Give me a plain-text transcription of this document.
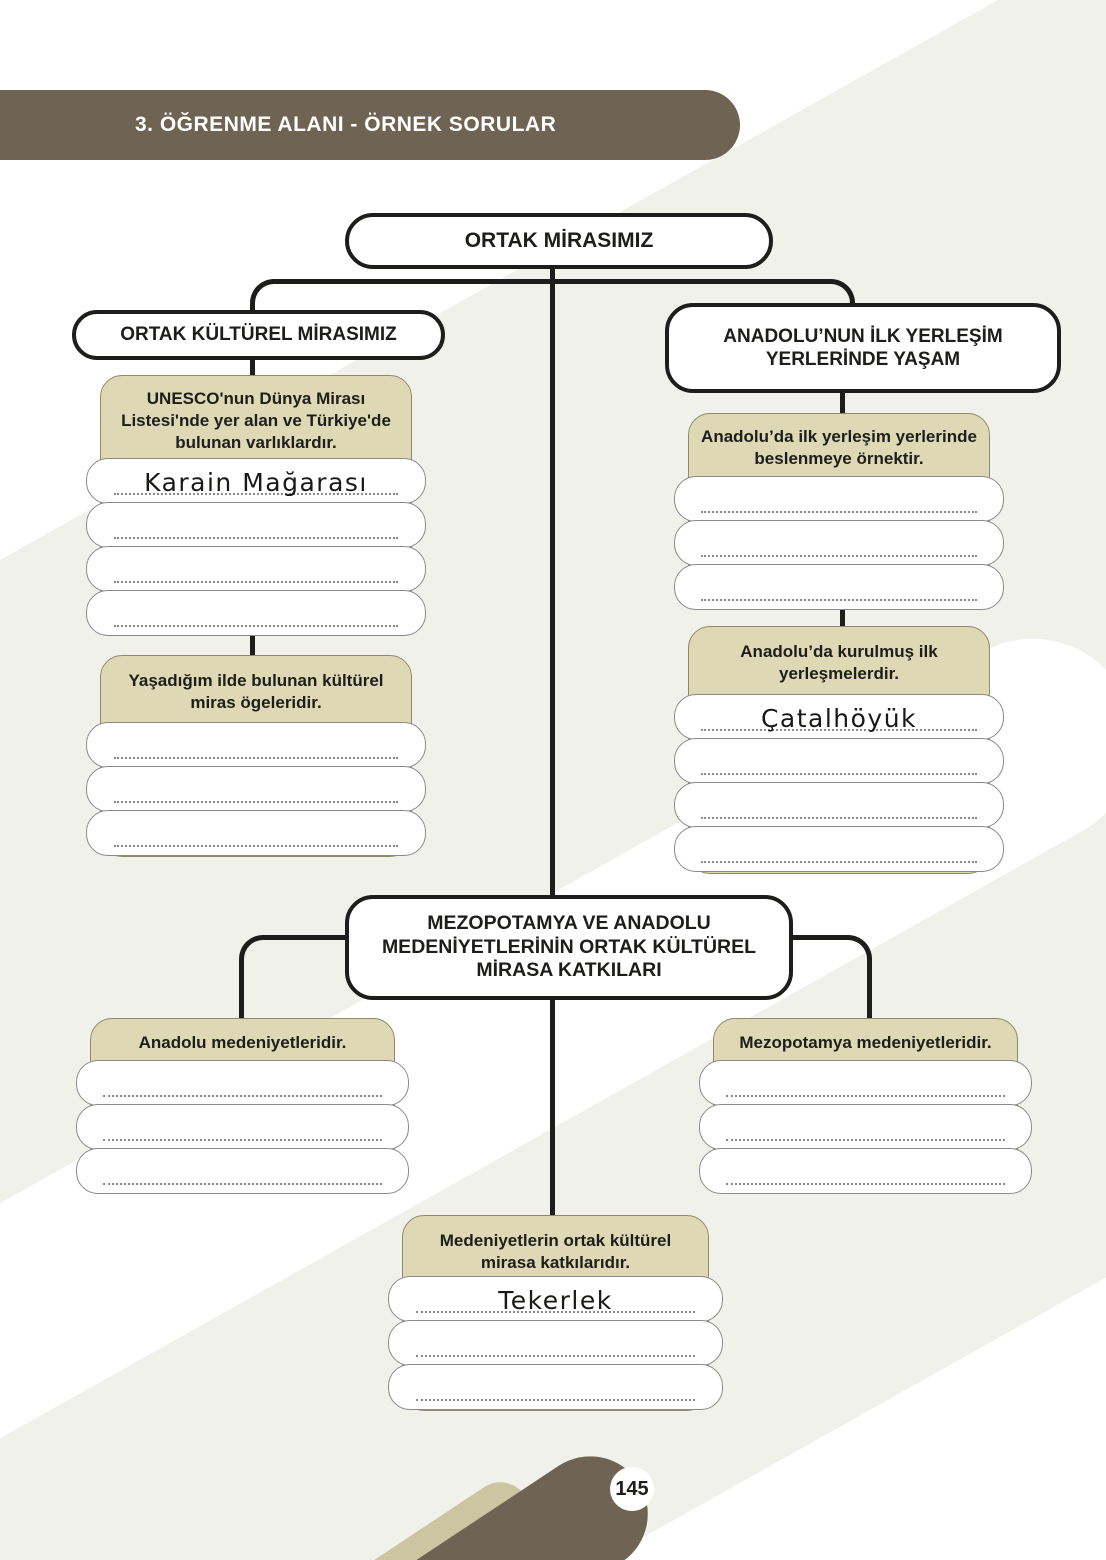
3. ÖĞRENME ALANI - ÖRNEK SORULAR
ORTAK MİRASIMIZ
ORTAK KÜLTÜREL MİRASIMIZ	ANADOLU’NUN İLK YERLEŞİM YERLERİNDE YAŞAM
MEZOPOTAMYA VE ANADOLU MEDENİYETLERİNİN ORTAK KÜLTÜREL MİRASA KATKILARI
UNESCO'nun Dünya Mirası Listesi'nde yer alan ve Türkiye'de bulunan varlıklardır.
Karain Mağarası
Yaşadığım ilde bulunan kültürel miras ögeleridir.
Anadolu’da ilk yerleşim yerlerinde beslenmeye örnektir.
Anadolu’da kurulmuş ilk yerleşmelerdir.
Çatalhöyük
Anadolu medeniyetleridir.	Mezopotamya medeniyetleridir.
Medeniyetlerin ortak kültürel mirasa katkılarıdır.
Tekerlek
145
